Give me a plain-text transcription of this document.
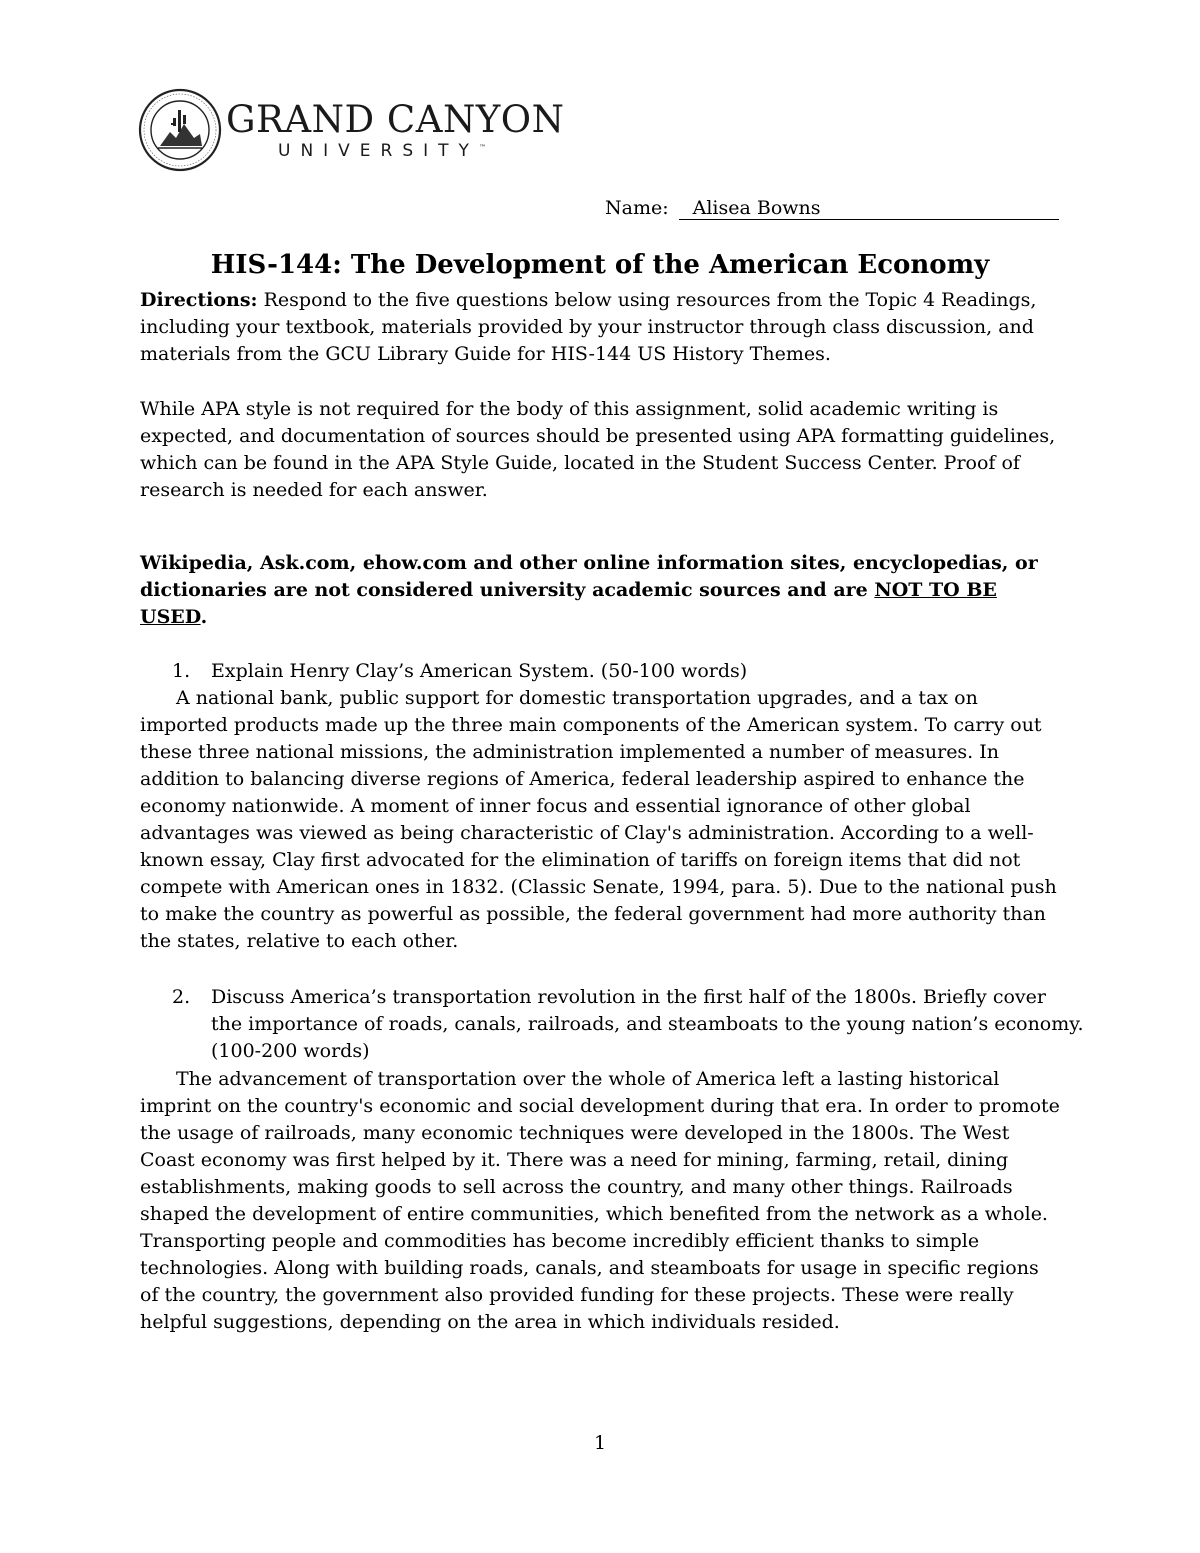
GRAND CANYON
UNIVERSITY™
Name: Alisea Bowns
HIS-144: The Development of the American Economy
Directions: Respond to the five questions below using resources from the Topic 4 Readings, including your textbook, materials provided by your instructor through class discussion, and materials from the GCU Library Guide for HIS-144 US History Themes.
While APA style is not required for the body of this assignment, solid academic writing is expected, and documentation of sources should be presented using APA formatting guidelines, which can be found in the APA Style Guide, located in the Student Success Center. Proof of research is needed for each answer.
Wikipedia, Ask.com, ehow.com and other online information sites, encyclopedias, or dictionaries are not considered university academic sources and are NOT TO BE USED.
1. Explain Henry Clay’s American System. (50-100 words)
A national bank, public support for domestic transportation upgrades, and a tax on imported products made up the three main components of the American system. To carry out these three national missions, the administration implemented a number of measures. In addition to balancing diverse regions of America, federal leadership aspired to enhance the economy nationwide. A moment of inner focus and essential ignorance of other global advantages was viewed as being characteristic of Clay's administration. According to a well-known essay, Clay first advocated for the elimination of tariffs on foreign items that did not compete with American ones in 1832. (Classic Senate, 1994, para. 5). Due to the national push to make the country as powerful as possible, the federal government had more authority than the states, relative to each other.
2. Discuss America’s transportation revolution in the first half of the 1800s. Briefly cover
the importance of roads, canals, railroads, and steamboats to the young nation’s economy.
(100-200 words)
The advancement of transportation over the whole of America left a lasting historical imprint on the country's economic and social development during that era. In order to promote the usage of railroads, many economic techniques were developed in the 1800s. The West Coast economy was first helped by it. There was a need for mining, farming, retail, dining establishments, making goods to sell across the country, and many other things. Railroads shaped the development of entire communities, which benefited from the network as a whole. Transporting people and commodities has become incredibly efficient thanks to simple technologies. Along with building roads, canals, and steamboats for usage in specific regions of the country, the government also provided funding for these projects. These were really helpful suggestions, depending on the area in which individuals resided.
1
